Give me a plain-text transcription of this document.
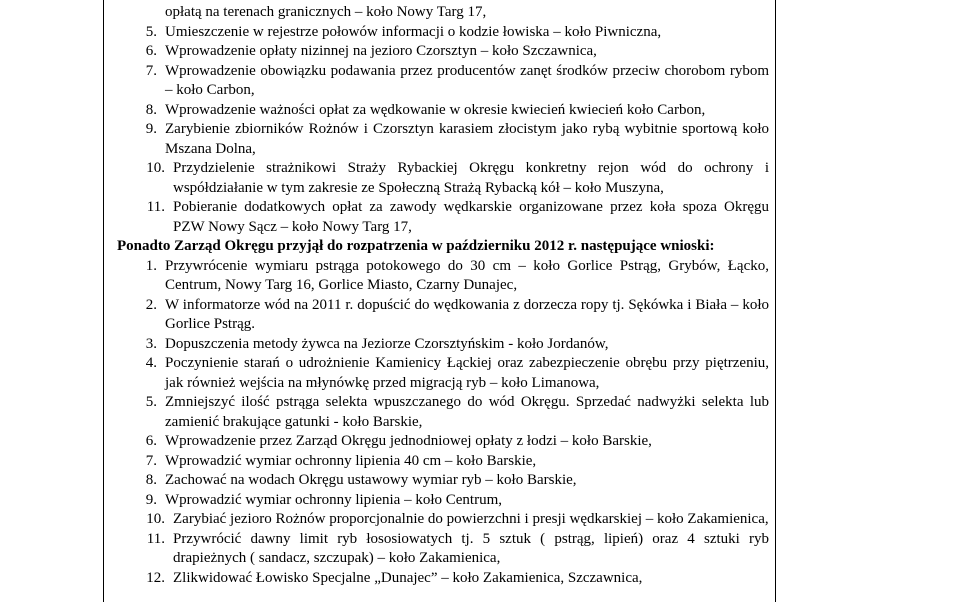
opłatą na terenach granicznych – koło Nowy Targ 17,
5. Umieszczenie w rejestrze połowów informacji o kodzie łowiska – koło Piwniczna,
6. Wprowadzenie opłaty nizinnej na jezioro Czorsztyn – koło Szczawnica,
7. Wprowadzenie obowiązku podawania przez producentów zanęt środków przeciw chorobom rybom – koło Carbon,
8. Wprowadzenie ważności opłat za wędkowanie w okresie kwiecień kwiecień koło Carbon,
9. Zarybienie zbiorników Rożnów i Czorsztyn karasiem złocistym jako rybą wybitnie sportową koło Mszana Dolna,
10. Przydzielenie strażnikowi Straży Rybackiej Okręgu konkretny rejon wód do ochrony i współdziałanie w tym zakresie ze Społeczną Strażą Rybacką kół – koło Muszyna,
11. Pobieranie dodatkowych opłat za zawody wędkarskie organizowane przez koła spoza Okręgu PZW Nowy Sącz – koło Nowy Targ 17,
Ponadto Zarząd Okręgu przyjął do rozpatrzenia w październiku 2012 r. następujące wnioski:
1. Przywrócenie wymiaru pstrąga potokowego do 30 cm – koło Gorlice Pstrąg, Grybów, Łącko, Centrum, Nowy Targ 16, Gorlice Miasto, Czarny Dunajec,
2. W informatorze wód na 2011 r. dopuścić do wędkowania z dorzecza ropy tj. Sękówka i Biała – koło Gorlice Pstrąg.
3. Dopuszczenia metody żywca na Jeziorze Czorsztyńskim - koło Jordanów,
4. Poczynienie starań o udrożnienie Kamienicy Łąckiej oraz zabezpieczenie obrębu przy piętrzeniu, jak również wejścia na młynówkę przed migracją ryb – koło Limanowa,
5. Zmniejszyć ilość pstrąga selekta wpuszczanego do wód Okręgu. Sprzedać nadwyżki selekta lub zamienić brakujące gatunki - koło Barskie,
6. Wprowadzenie przez Zarząd Okręgu jednodniowej opłaty z łodzi – koło Barskie,
7. Wprowadzić wymiar ochronny lipienia 40 cm – koło Barskie,
8. Zachować na wodach Okręgu ustawowy wymiar ryb – koło Barskie,
9. Wprowadzić wymiar ochronny lipienia – koło Centrum,
10. Zarybiać jezioro Rożnów proporcjonalnie do powierzchni i presji wędkarskiej – koło Zakamienica,
11. Przywrócić dawny limit ryb łososiowatych tj. 5 sztuk ( pstrąg, lipień) oraz 4 sztuki ryb drapieżnych ( sandacz, szczupak) – koło Zakamienica,
12. Zlikwidować Łowisko Specjalne „Dunajec” – koło Zakamienica, Szczawnica,
